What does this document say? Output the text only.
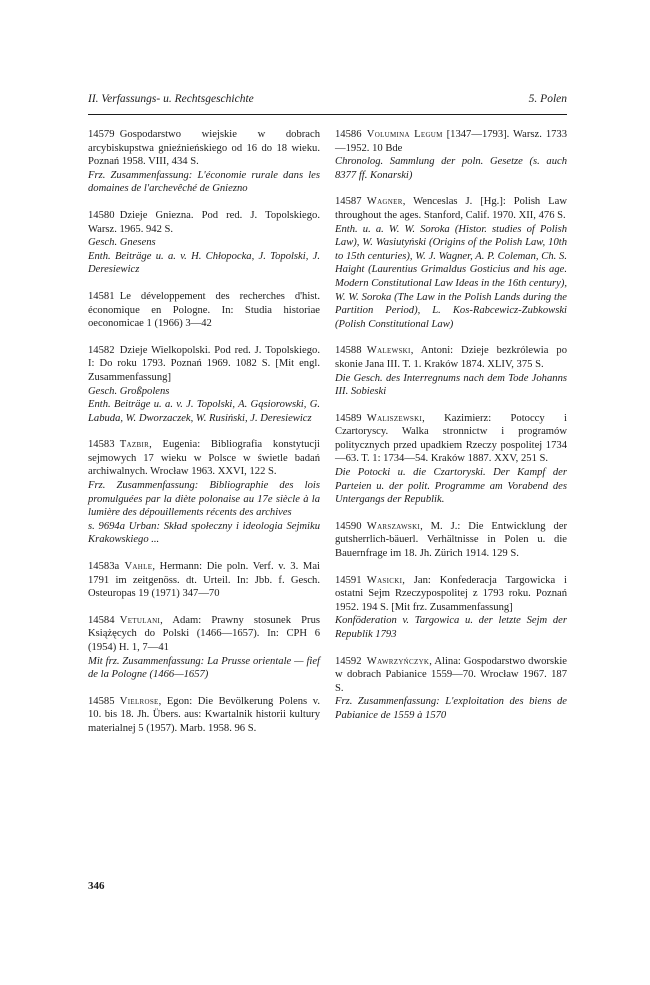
II. Verfassungs- u. Rechtsgeschichte	5. Polen

14579  Gospodarstwo wiejskie w dobrach arcybiskupstwa gnieźnieńskiego od 16 do 18 wieku. Poznań 1958. VIII, 434 S.

Frz. Zusammenfassung: L'économie rurale dans les domaines de l'archevêché de Gniezno

14580  Dzieje Gniezna. Pod red. J. Topolskiego. Warsz. 1965. 942 S.

Gesch. Gnesens

Enth. Beiträge u. a. v. H. Chłopocka, J. Topolski, J. Deresiewicz

14581  Le développement des recherches d'hist. économique en Pologne. In: Studia historiae oeconomicae 1 (1966) 3—42

14582  Dzieje Wielkopolski. Pod red. J. Topolskiego. I: Do roku 1793. Poznań 1969. 1082 S. [Mit engl. Zusammenfassung]

Gesch. Großpolens

Enth. Beiträge u. a. v. J. Topolski, A. Gąsiorowski, G. Labuda, W. Dworzaczek, W. Rusiński, J. Deresiewicz

14583  Tazbir, Eugenia: Bibliografia konstytucji sejmowych 17 wieku w Polsce w świetle badań archiwalnych. Wrocław 1963. XXVI, 122 S.

Frz. Zusammenfassung: Bibliographie des lois promulguées par la diète polonaise au 17e siècle à la lumière des dépouillements récents des archives

s. 9694a Urban: Skład społeczny i ideologia Sejmiku Krakowskiego ...

14583a  Vahle, Hermann: Die poln. Verf. v. 3. Mai 1791 im zeitgenöss. dt. Urteil. In: Jbb. f. Gesch. Osteuropas 19 (1971) 347—70

14584  Vetulani, Adam: Prawny stosunek Prus Książęcych do Polski (1466—1657). In: CPH 6 (1954) H. 1, 7—41

Mit frz. Zusammenfassung: La Prusse orientale — fief de la Pologne (1466—1657)

14585  Vielrose, Egon: Die Bevölkerung Polens v. 10. bis 18. Jh. Übers. aus: Kwartalnik historii kultury materialnej 5 (1957). Marb. 1958. 96 S.

14586  Volumina Legum [1347—1793]. Warsz. 1733—1952. 10 Bde

Chronolog. Sammlung der poln. Gesetze (s. auch 8377 ff. Konarski)

14587  Wagner, Wenceslas J. [Hg.]: Polish Law throughout the ages. Stanford, Calif. 1970. XII, 476 S.

Enth. u. a. W. W. Soroka (Histor. studies of Polish Law), W. Wasiutyński (Origins of the Polish Law, 10th to 15th centuries), W. J. Wagner, A. P. Coleman, Ch. S. Haight (Laurentius Grimaldus Gosticius and his age. Modern Constitutional Law Ideas in the 16th century), W. W. Soroka (The Law in the Polish Lands during the Partition Period), L. Kos-Rabcewicz-Zubkowski (Polish Constitutional Law)

14588  Walewski, Antoni: Dzieje bezkrólewia po skonie Jana III. T. 1. Kraków 1874. XLIV, 375 S.

Die Gesch. des Interregnums nach dem Tode Johanns III. Sobieski

14589  Waliszewski, Kazimierz: Potoccy i Czartoryscy. Walka stronnictw i programów politycznych przed upadkiem Rzeczy pospolitej 1734—63. T. 1: 1734—54. Kraków 1887. XXV, 251 S.

Die Potocki u. die Czartoryski. Der Kampf der Parteien u. der polit. Programme am Vorabend des Untergangs der Republik.

14590  Warszawski, M. J.: Die Entwicklung der gutsherrlich-bäuerl. Verhältnisse in Polen u. die Bauernfrage im 18. Jh. Zürich 1914. 129 S.

14591  Wasicki, Jan: Konfederacja Targowicka i ostatni Sejm Rzeczypospolitej z 1793 roku. Poznań 1952. 194 S. [Mit frz. Zusammenfassung]

Konföderation v. Targowica u. der letzte Sejm der Republik 1793

14592  Wawrzyńczyk, Alina: Gospodarstwo dworskie w dobrach Pabianice 1559—70. Wrocław 1967. 187 S.

Frz. Zusammenfassung: L'exploitation des biens de Pabianice de 1559 à 1570

346
